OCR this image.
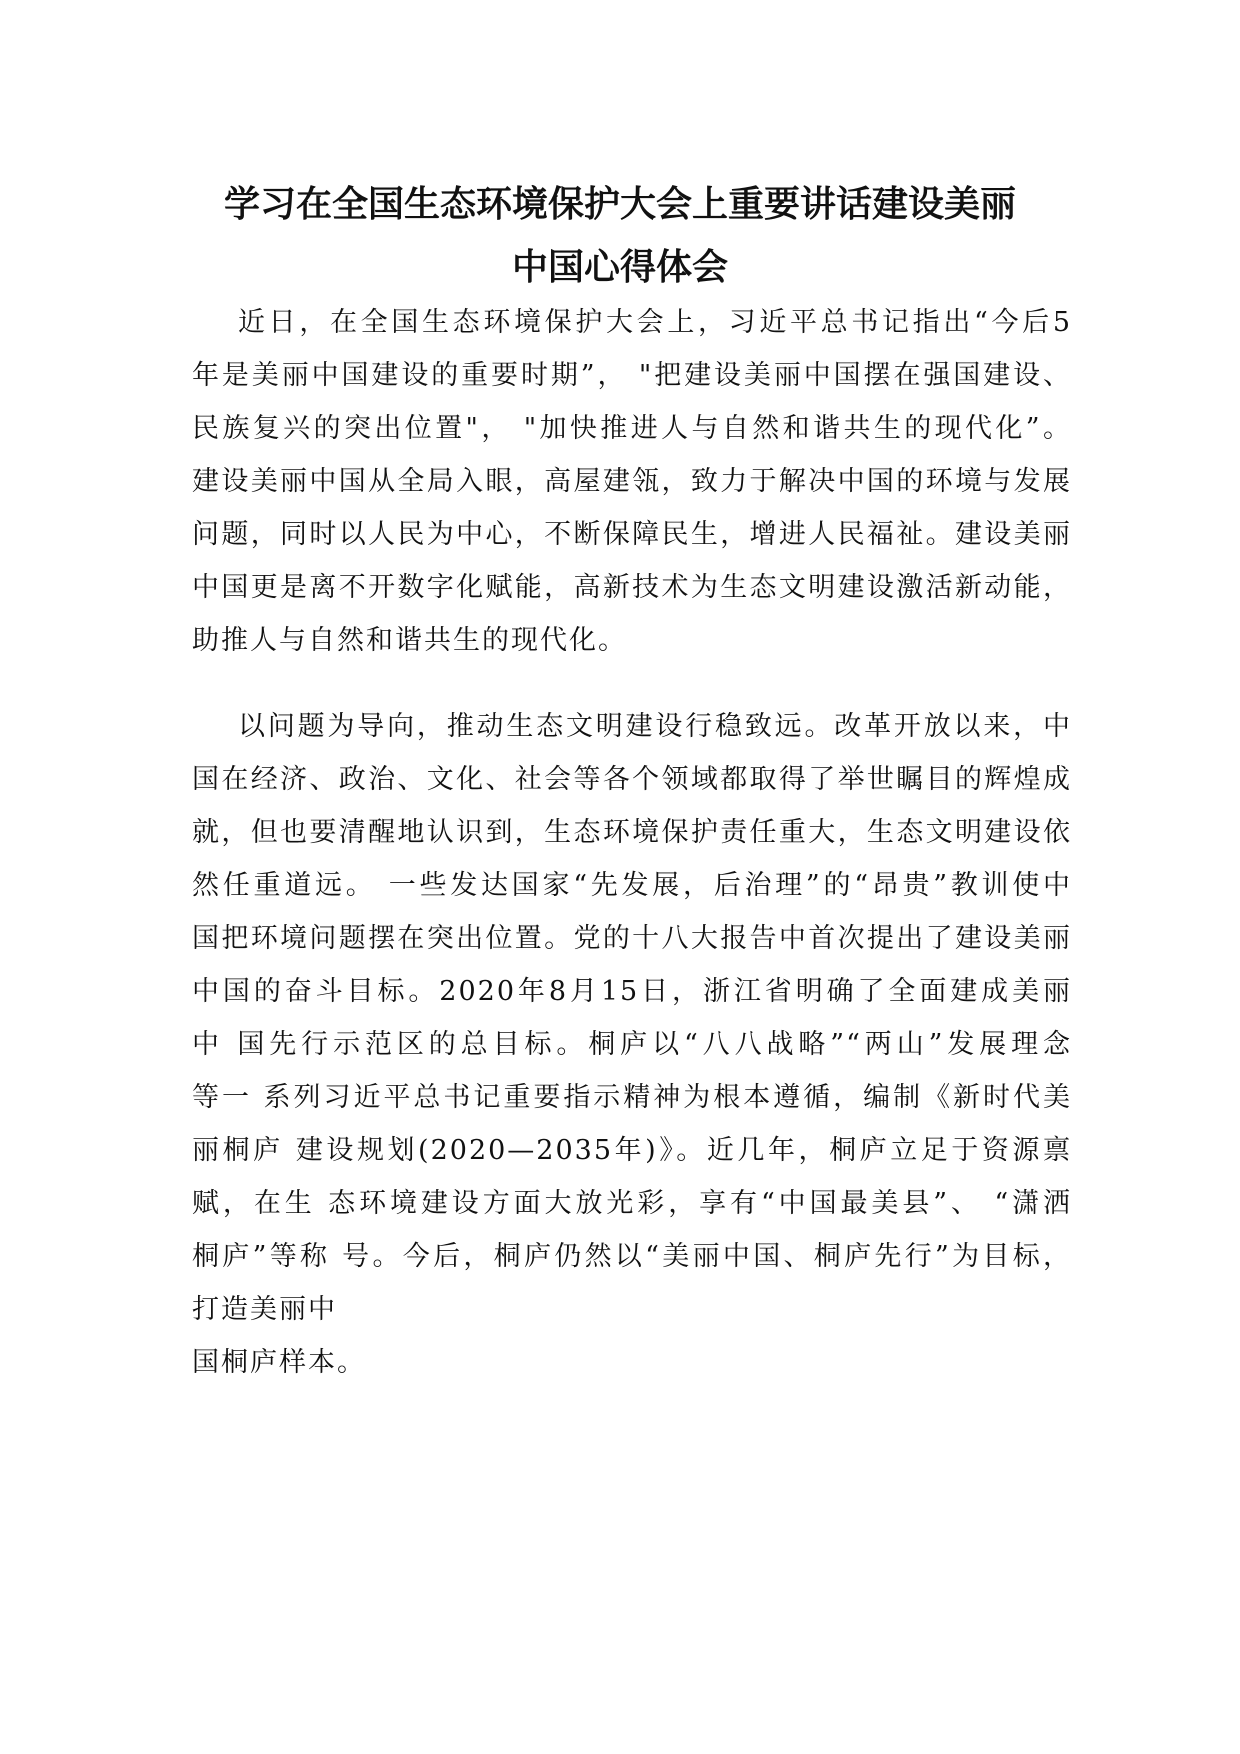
学习在全国生态环境保护大会上重要讲话建设美丽
中国心得体会
近日，在全国生态环境保护大会上，习近平总书记指出“今后5
年是美丽中国建设的重要时期”， "把建设美丽中国摆在强国建设、
民族复兴的突出位置"， "加快推进人与自然和谐共生的现代化”。
建设美丽中国从全局入眼，高屋建瓴，致力于解决中国的环境与发展
问题，同时以人民为中心，不断保障民生，增进人民福祉。建设美丽
中国更是离不开数字化赋能，高新技术为生态文明建设激活新动能，
助推人与自然和谐共生的现代化。
以问题为导向，推动生态文明建设行稳致远。改革开放以来，中
国在经济、政治、文化、社会等各个领域都取得了举世瞩目的辉煌成
就，但也要清醒地认识到，生态环境保护责任重大，生态文明建设依
然任重道远。 一些发达国家“先发展，后治理”的“昂贵”教训使中
国把环境问题摆在突出位置。党的十八大报告中首次提出了建设美丽
中国的奋斗目标。2020年8月15日，浙江省明确了全面建成美丽
中 国先行示范区的总目标。桐庐以“八八战略”“两山”发展理念
等一 系列习近平总书记重要指示精神为根本遵循，编制《新时代美
丽桐庐 建设规划(2020—2035年)》。近几年，桐庐立足于资源禀
赋，在生 态环境建设方面大放光彩，享有“中国最美县”、 “潇洒
桐庐”等称 号。今后，桐庐仍然以“美丽中国、桐庐先行”为目标，
打造美丽中
国桐庐样本。
